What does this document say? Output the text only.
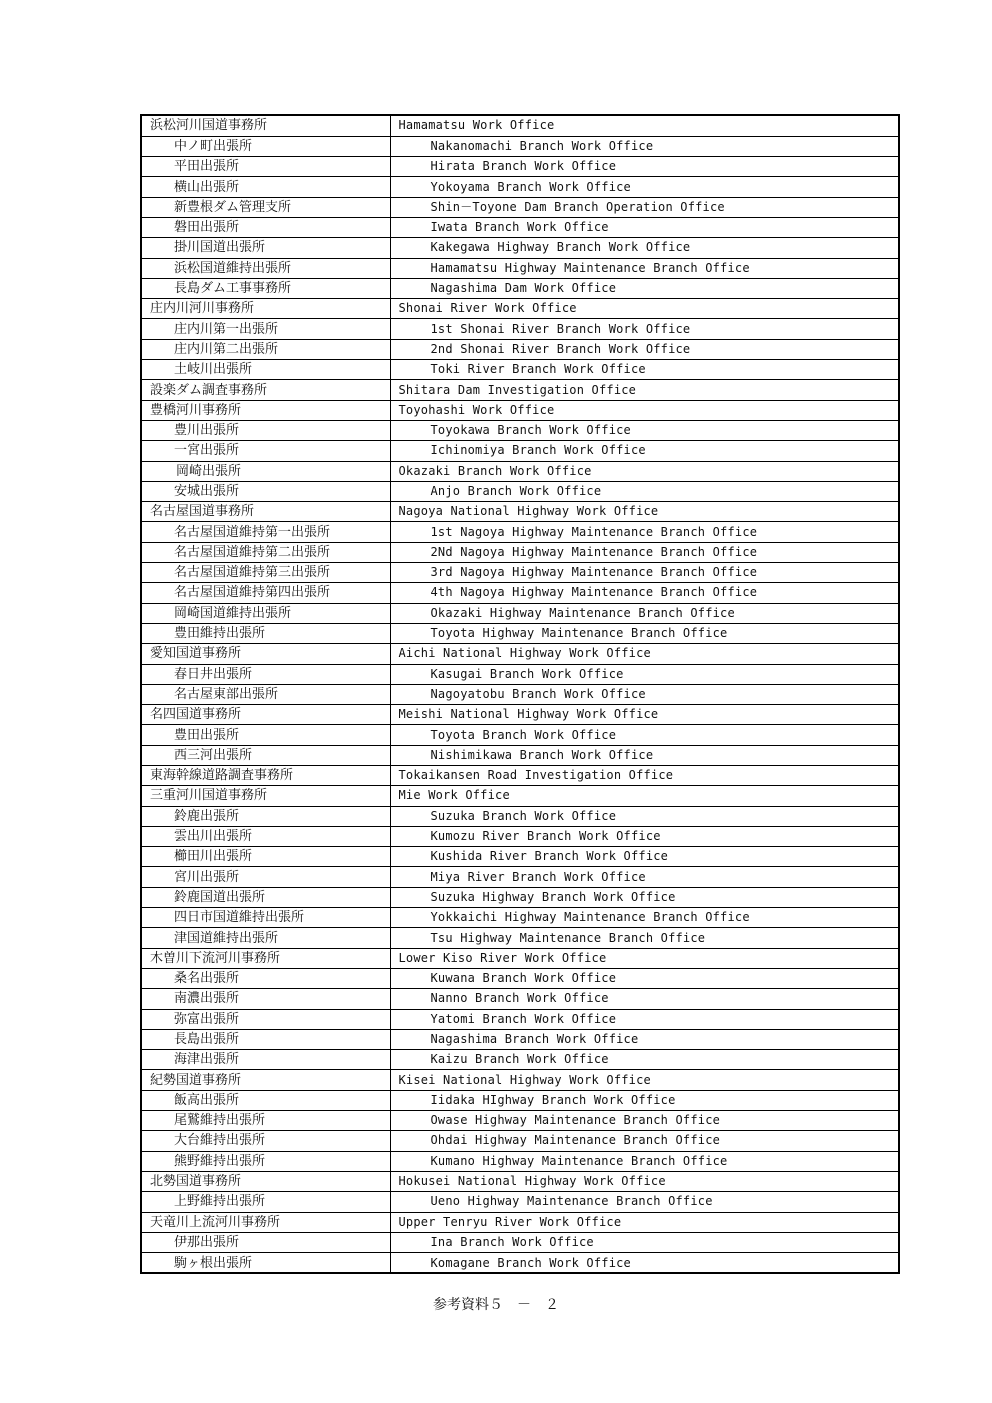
浜松河川国道事務所	Hamamatsu Work Office
中ノ町出張所	Nakanomachi Branch Work Office
平田出張所	Hirata Branch Work Office
横山出張所	Yokoyama Branch Work Office
新豊根ダム管理支所	Shin－Toyone Dam Branch Operation Office
磐田出張所	Iwata Branch Work Office
掛川国道出張所	Kakegawa Highway Branch Work Office
浜松国道維持出張所	Hamamatsu Highway Maintenance Branch Office
長島ダム工事事務所	Nagashima Dam Work Office
庄内川河川事務所	Shonai River Work Office
庄内川第一出張所	1st Shonai River Branch Work Office
庄内川第二出張所	2nd Shonai River Branch Work Office
土岐川出張所	Toki River Branch Work Office
設楽ダム調査事務所	Shitara Dam Investigation Office
豊橋河川事務所	Toyohashi Work Office
豊川出張所	Toyokawa Branch Work Office
一宮出張所	Ichinomiya Branch Work Office
岡崎出張所	Okazaki Branch Work Office
安城出張所	Anjo Branch Work Office
名古屋国道事務所	Nagoya National Highway Work Office
名古屋国道維持第一出張所	1st Nagoya Highway Maintenance Branch Office
名古屋国道維持第二出張所	2Nd Nagoya Highway Maintenance Branch Office
名古屋国道維持第三出張所	3rd Nagoya Highway Maintenance Branch Office
名古屋国道維持第四出張所	4th Nagoya Highway Maintenance Branch Office
岡崎国道維持出張所	Okazaki Highway Maintenance Branch Office
豊田維持出張所	Toyota Highway Maintenance Branch Office
愛知国道事務所	Aichi National Highway Work Office
春日井出張所	Kasugai Branch Work Office
名古屋東部出張所	Nagoyatobu Branch Work Office
名四国道事務所	Meishi National Highway Work Office
豊田出張所	Toyota Branch Work Office
西三河出張所	Nishimikawa Branch Work Office
東海幹線道路調査事務所	Tokaikansen Road Investigation Office
三重河川国道事務所	Mie Work Office
鈴鹿出張所	Suzuka Branch Work Office
雲出川出張所	Kumozu River Branch Work Office
櫛田川出張所	Kushida River Branch Work Office
宮川出張所	Miya River Branch Work Office
鈴鹿国道出張所	Suzuka Highway Branch Work Office
四日市国道維持出張所	Yokkaichi Highway Maintenance Branch Office
津国道維持出張所	Tsu Highway Maintenance Branch Office
木曽川下流河川事務所	Lower Kiso River Work Office
桑名出張所	Kuwana Branch Work Office
南濃出張所	Nanno Branch Work Office
弥富出張所	Yatomi Branch Work Office
長島出張所	Nagashima Branch Work Office
海津出張所	Kaizu Branch Work Office
紀勢国道事務所	Kisei National Highway Work Office
飯高出張所	Iidaka HIghway Branch Work Office
尾鷲維持出張所	Owase Highway Maintenance Branch Office
大台維持出張所	Ohdai Highway Maintenance Branch Office
熊野維持出張所	Kumano Highway Maintenance Branch Office
北勢国道事務所	Hokusei National Highway Work Office
上野維持出張所	Ueno Highway Maintenance Branch Office
天竜川上流河川事務所	Upper Tenryu River Work Office
伊那出張所	Ina Branch Work Office
駒ヶ根出張所	Komagane Branch Work Office
参考資料５　－　２
